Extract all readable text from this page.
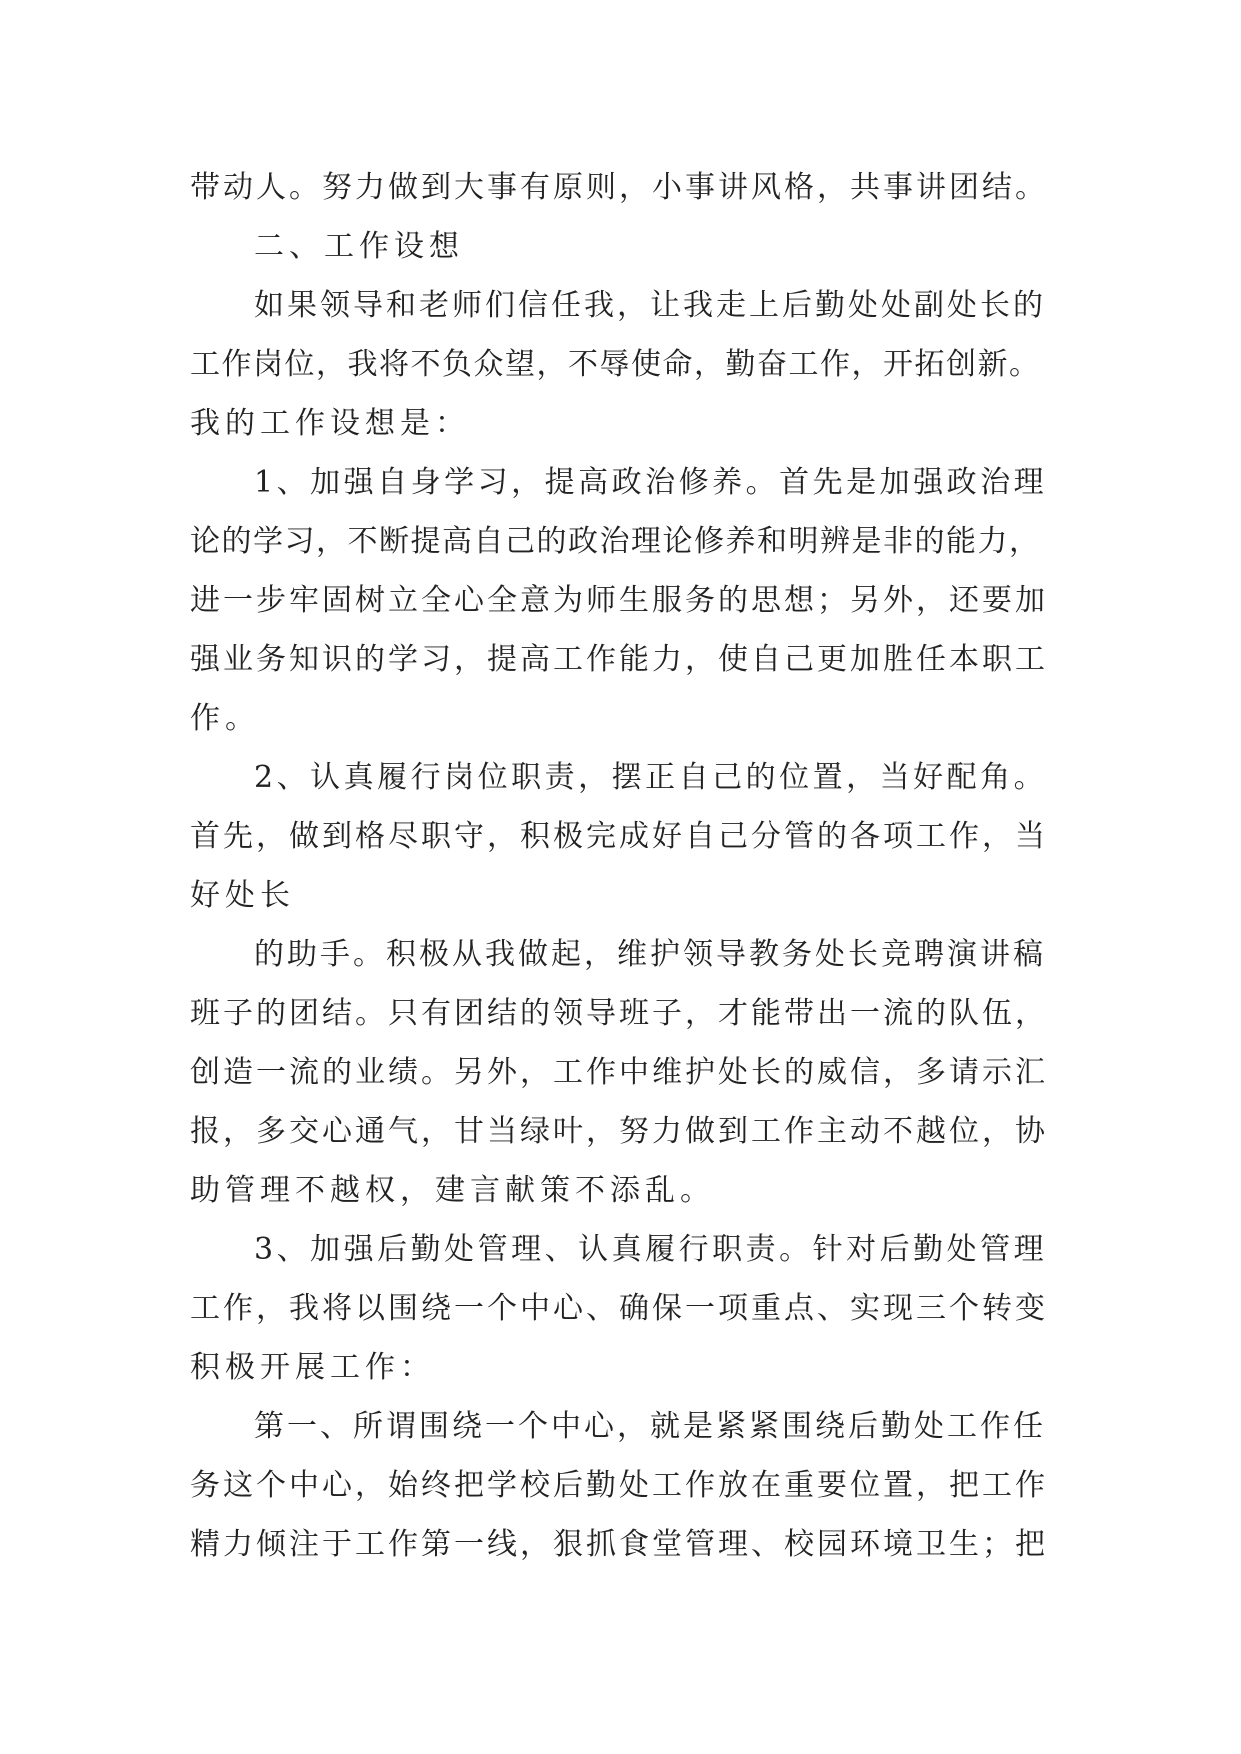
带动人。努力做到大事有原则，小事讲风格，共事讲团结。
二、工作设想
如果领导和老师们信任我，让我走上后勤处处副处长的
工作岗位，我将不负众望，不辱使命，勤奋工作，开拓创新。
我的工作设想是：
1、加强自身学习，提高政治修养。首先是加强政治理
论的学习，不断提高自己的政治理论修养和明辨是非的能力，
进一步牢固树立全心全意为师生服务的思想；另外，还要加
强业务知识的学习，提高工作能力，使自己更加胜任本职工
作。
2、认真履行岗位职责，摆正自己的位置，当好配角。
首先，做到格尽职守，积极完成好自己分管的各项工作，当
好处长
的助手。积极从我做起，维护领导教务处长竞聘演讲稿
班子的团结。只有团结的领导班子，才能带出一流的队伍，
创造一流的业绩。另外，工作中维护处长的威信，多请示汇
报，多交心通气，甘当绿叶，努力做到工作主动不越位，协
助管理不越权，建言献策不添乱。
3、加强后勤处管理、认真履行职责。针对后勤处管理
工作，我将以围绕一个中心、确保一项重点、实现三个转变
积极开展工作：
第一、所谓围绕一个中心，就是紧紧围绕后勤处工作任
务这个中心，始终把学校后勤处工作放在重要位置，把工作
精力倾注于工作第一线，狠抓食堂管理、校园环境卫生；把
